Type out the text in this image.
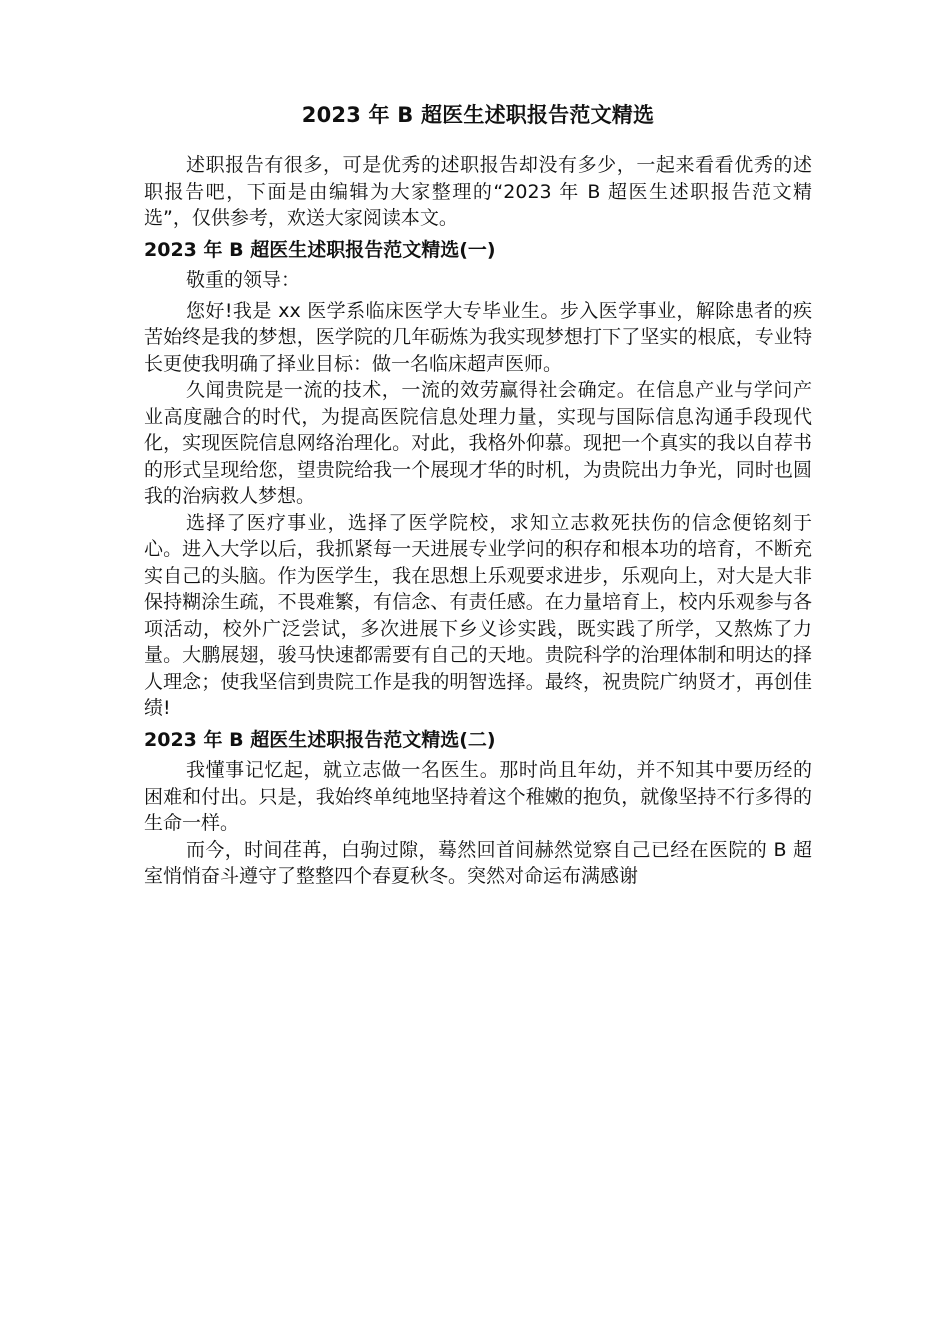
2023 年 B 超医生述职报告范文精选

述职报告有很多，可是优秀的述职报告却没有多少，一起来看看优秀的述职报告吧，下面是由编辑为大家整理的“2023 年 B 超医生述职报告范文精选”，仅供参考，欢送大家阅读本文。

2023 年 B 超医生述职报告范文精选(一)

敬重的领导：

您好!我是 xx 医学系临床医学大专毕业生。步入医学事业，解除患者的疾苦始终是我的梦想，医学院的几年砺炼为我实现梦想打下了坚实的根底，专业特长更使我明确了择业目标：做一名临床超声医师。

久闻贵院是一流的技术，一流的效劳赢得社会确定。在信息产业与学问产业高度融合的时代，为提高医院信息处理力量，实现与国际信息沟通手段现代化，实现医院信息网络治理化。对此，我格外仰慕。现把一个真实的我以自荐书的形式呈现给您，望贵院给我一个展现才华的时机，为贵院出力争光，同时也圆我的治病救人梦想。

选择了医疗事业，选择了医学院校，求知立志救死扶伤的信念便铭刻于心。进入大学以后，我抓紧每一天进展专业学问的积存和根本功的培育，不断充实自己的头脑。作为医学生，我在思想上乐观要求进步，乐观向上，对大是大非保持糊涂生疏，不畏难繁，有信念、有责任感。在力量培育上，校内乐观参与各项活动，校外广泛尝试，多次进展下乡义诊实践，既实践了所学，又熬炼了力量。大鹏展翅，骏马快速都需要有自己的天地。贵院科学的治理体制和明达的择人理念；使我坚信到贵院工作是我的明智选择。最终，祝贵院广纳贤才，再创佳绩!

2023 年 B 超医生述职报告范文精选(二)

我懂事记忆起，就立志做一名医生。那时尚且年幼，并不知其中要历经的困难和付出。只是，我始终单纯地坚持着这个稚嫩的抱负，就像坚持不行多得的生命一样。

而今，时间荏苒，白驹过隙，蓦然回首间赫然觉察自己已经在医院的 B 超室悄悄奋斗遵守了整整四个春夏秋冬。突然对命运布满感谢
